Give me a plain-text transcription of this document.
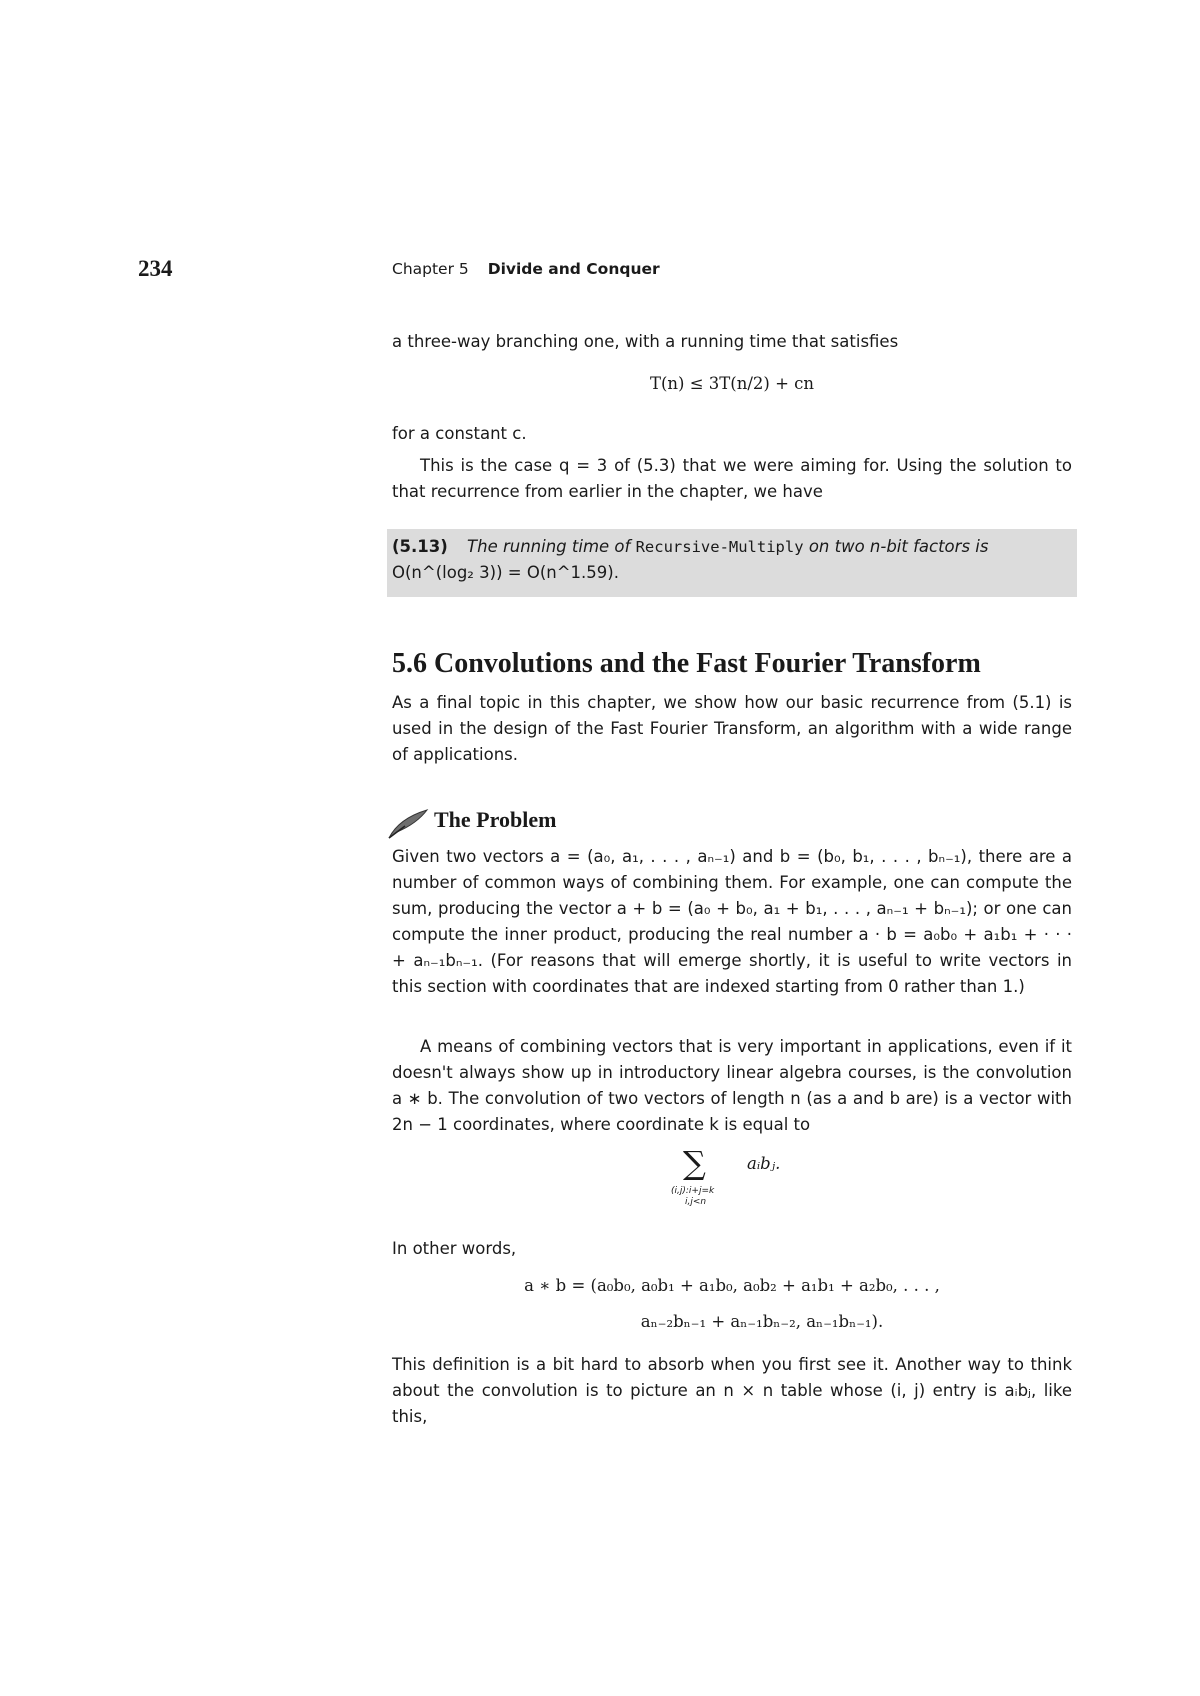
234	Chapter 5 Divide and Conquer

a three-way branching one, with a running time that satisfies

T(n) ≤ 3T(n/2) + cn

for a constant c.

This is the case q = 3 of (5.3) that we were aiming for. Using the solution to that recurrence from earlier in the chapter, we have

(5.13) The running time of Recursive-Multiply on two n-bit factors is
O(n^(log₂ 3)) = O(n^1.59).
5.6 Convolutions and the Fast Fourier Transform

As a final topic in this chapter, we show how our basic recurrence from (5.1) is used in the design of the Fast Fourier Transform, an algorithm with a wide range of applications.

The Problem

Given two vectors a = (a₀, a₁, . . . , aₙ₋₁) and b = (b₀, b₁, . . . , bₙ₋₁), there are a number of common ways of combining them. For example, one can compute the sum, producing the vector a + b = (a₀ + b₀, a₁ + b₁, . . . , aₙ₋₁ + bₙ₋₁); or one can compute the inner product, producing the real number a · b = a₀b₀ + a₁b₁ + · · · + aₙ₋₁bₙ₋₁. (For reasons that will emerge shortly, it is useful to write vectors in this section with coordinates that are indexed starting from 0 rather than 1.)

A means of combining vectors that is very important in applications, even if it doesn't always show up in introductory linear algebra courses, is the convolution a ∗ b. The convolution of two vectors of length n (as a and b are) is a vector with 2n − 1 coordinates, where coordinate k is equal to

∑ aᵢbⱼ.
(i,j):i+j=k
i,j<n

In other words,

a ∗ b = (a₀b₀, a₀b₁ + a₁b₀, a₀b₂ + a₁b₁ + a₂b₀, . . . ,
aₙ₋₂bₙ₋₁ + aₙ₋₁bₙ₋₂, aₙ₋₁bₙ₋₁).

This definition is a bit hard to absorb when you first see it. Another way to think about the convolution is to picture an n × n table whose (i, j) entry is aᵢbⱼ, like this,
